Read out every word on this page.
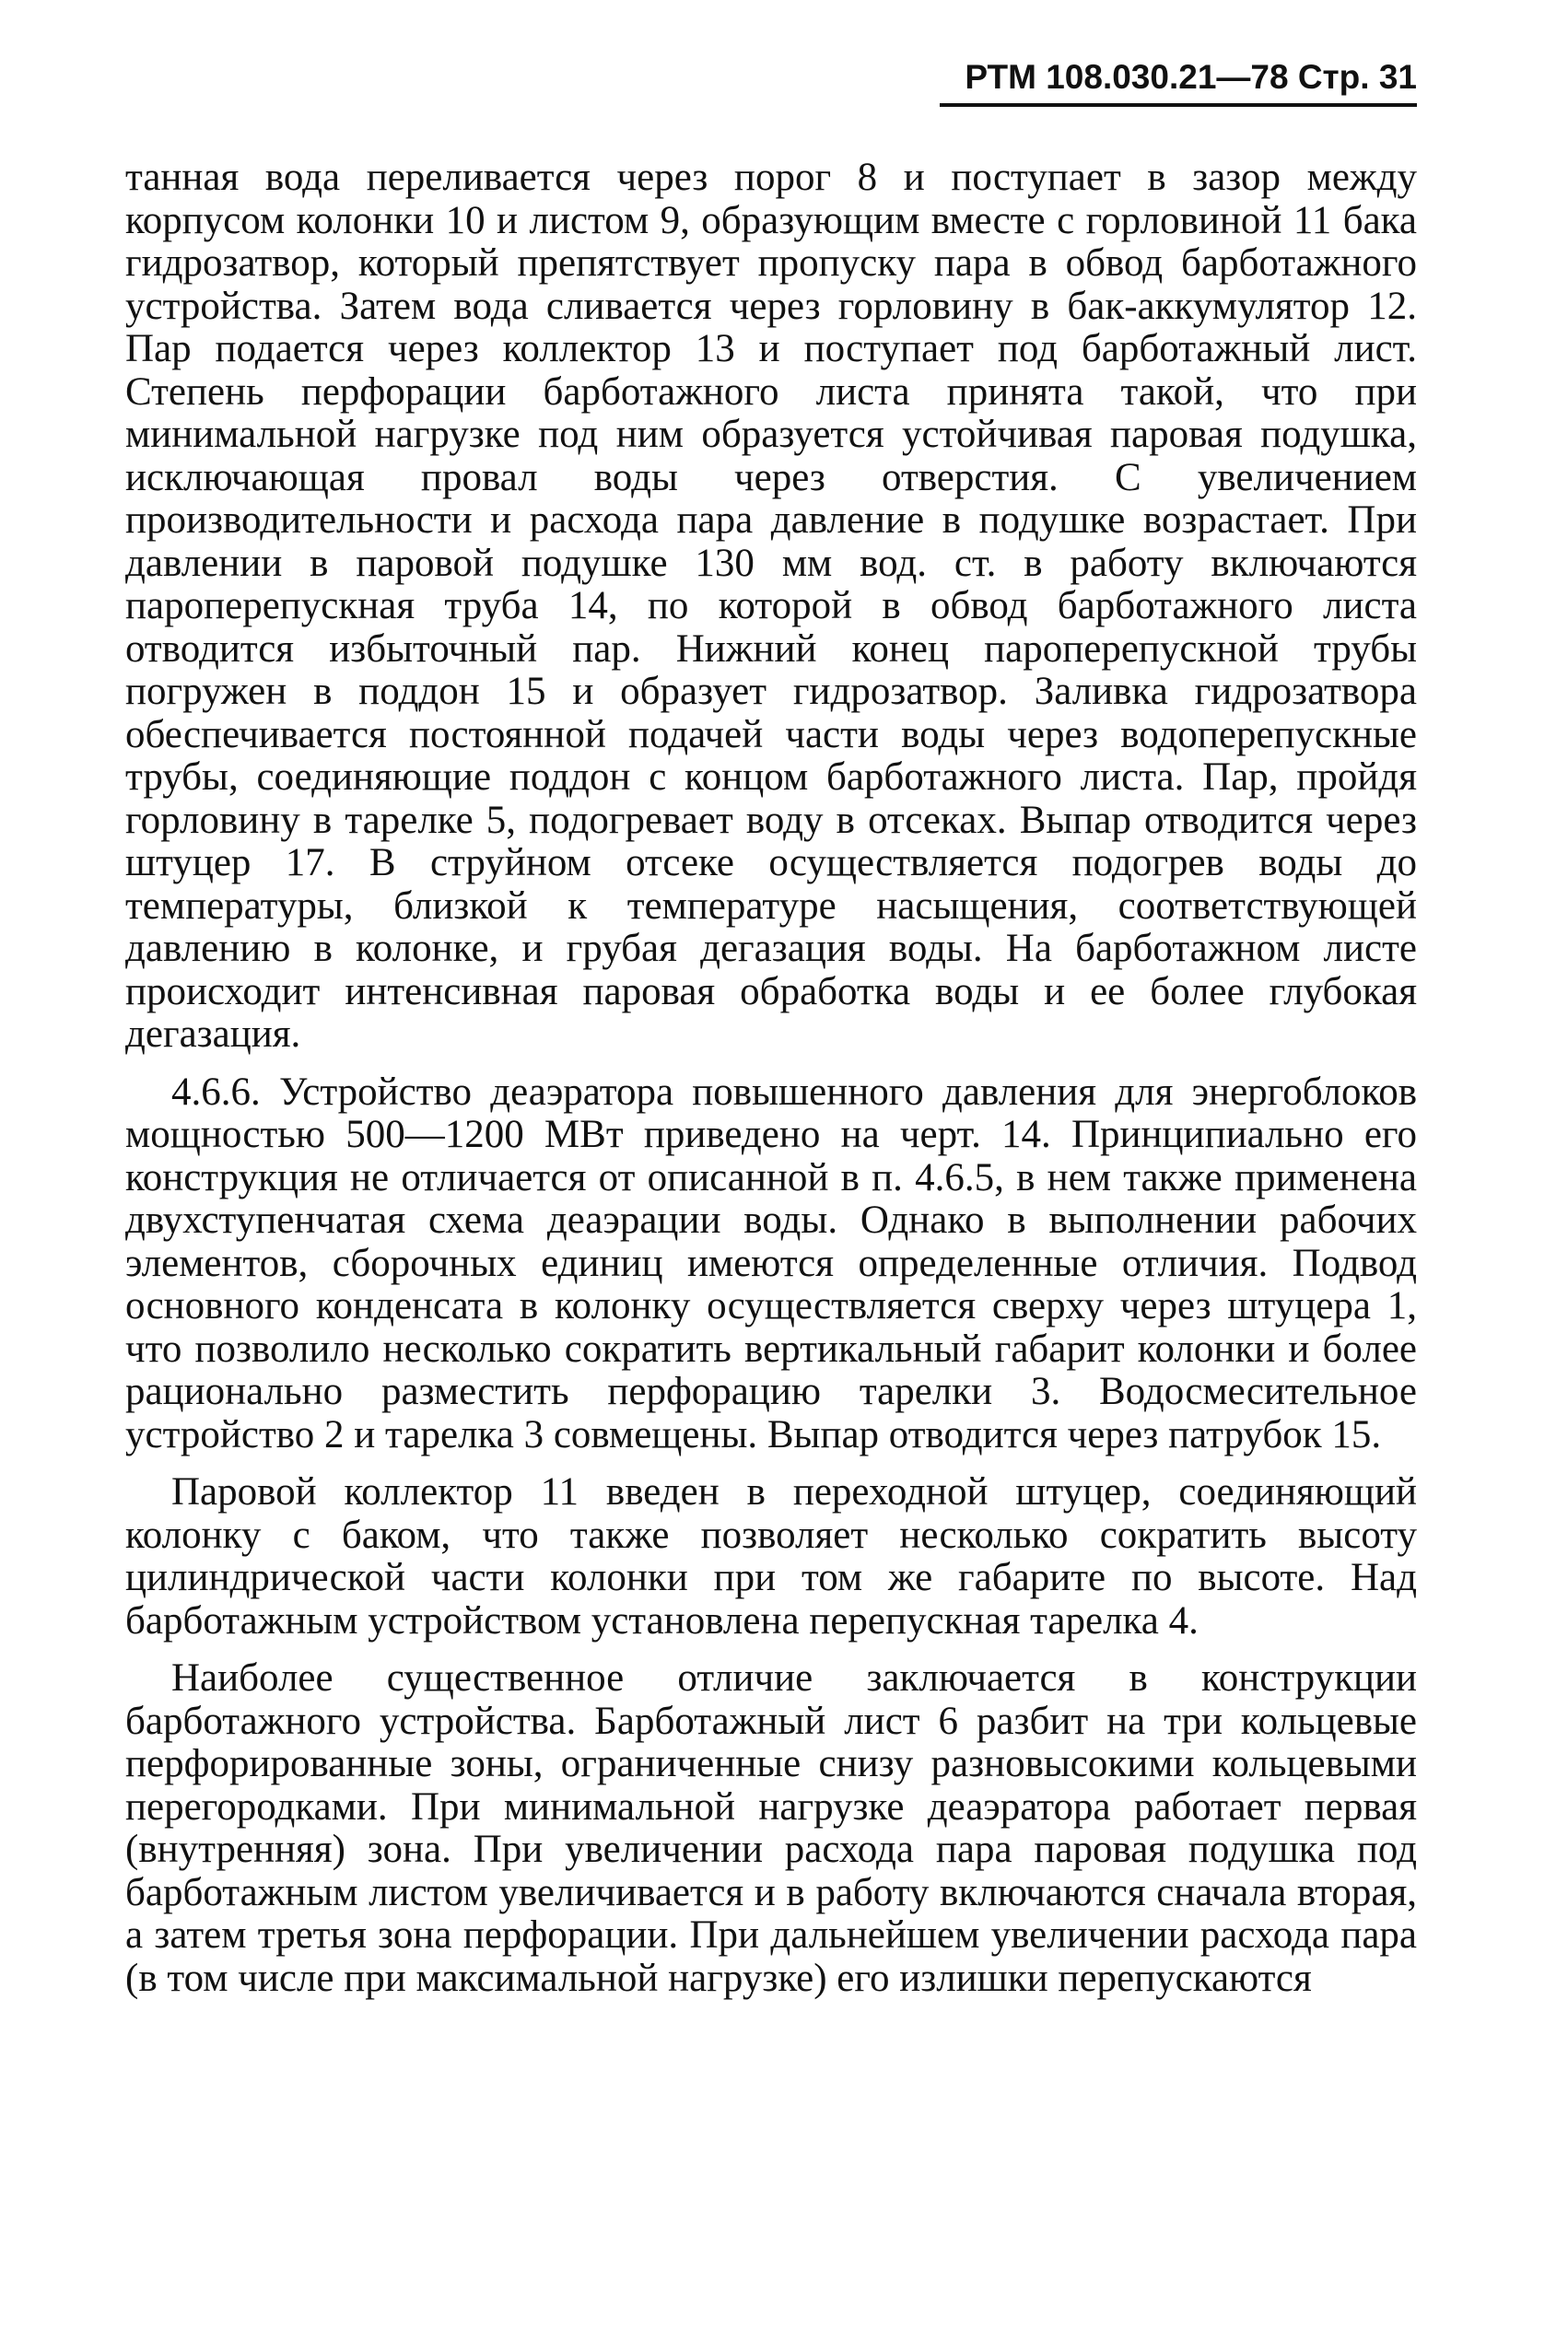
РТМ 108.030.21—78 Стр. 31

танная вода переливается через порог 8 и поступает в зазор между корпусом колонки 10 и листом 9, образующим вместе с горловиной 11 бака гидрозатвор, который препятствует пропуску пара в обвод барботажного устройства. Затем вода сливается через горловину в бак-аккумулятор 12. Пар подается через коллектор 13 и поступает под барботажный лист. Степень перфорации барботажного листа принята такой, что при минимальной нагрузке под ним образуется устойчивая паровая подушка, исключающая провал воды через отверстия. С увеличением производительности и расхода пара давление в подушке возрастает. При давлении в паровой подушке 130 мм вод. ст. в работу включаются пароперепускная труба 14, по которой в обвод барботажного листа отводится избыточный пар. Нижний конец пароперепускной трубы погружен в поддон 15 и образует гидрозатвор. Заливка гидрозатвора обеспечивается постоянной подачей части воды через водоперепускные трубы, соединяющие поддон с концом барботажного листа. Пар, пройдя горловину в тарелке 5, подогревает воду в отсеках. Выпар отводится через штуцер 17. В струйном отсеке осуществляется подогрев воды до температуры, близкой к температуре насыщения, соответствующей давлению в колонке, и грубая дегазация воды. На барботажном листе происходит интенсивная паровая обработка воды и ее более глубокая дегазация.

4.6.6. Устройство деаэратора повышенного давления для энергоблоков мощностью 500—1200 МВт приведено на черт. 14. Принципиально его конструкция не отличается от описанной в п. 4.6.5, в нем также применена двухступенчатая схема деаэрации воды. Однако в выполнении рабочих элементов, сборочных единиц имеются определенные отличия. Подвод основного конденсата в колонку осуществляется сверху через штуцера 1, что позволило несколько сократить вертикальный габарит колонки и более рационально разместить перфорацию тарелки 3. Водосмесительное устройство 2 и тарелка 3 совмещены. Выпар отводится через патрубок 15.

Паровой коллектор 11 введен в переходной штуцер, соединяющий колонку с баком, что также позволяет несколько сократить высоту цилиндрической части колонки при том же габарите по высоте. Над барботажным устройством установлена перепускная тарелка 4.

Наиболее существенное отличие заключается в конструкции барботажного устройства. Барботажный лист 6 разбит на три кольцевые перфорированные зоны, ограниченные снизу разновысокими кольцевыми перегородками. При минимальной нагрузке деаэратора работает первая (внутренняя) зона. При увеличении расхода пара паровая подушка под барботажным листом увеличивается и в работу включаются сначала вторая, а затем третья зона перфорации. При дальнейшем увеличении расхода пара (в том числе при максимальной нагрузке) его излишки перепускаются
